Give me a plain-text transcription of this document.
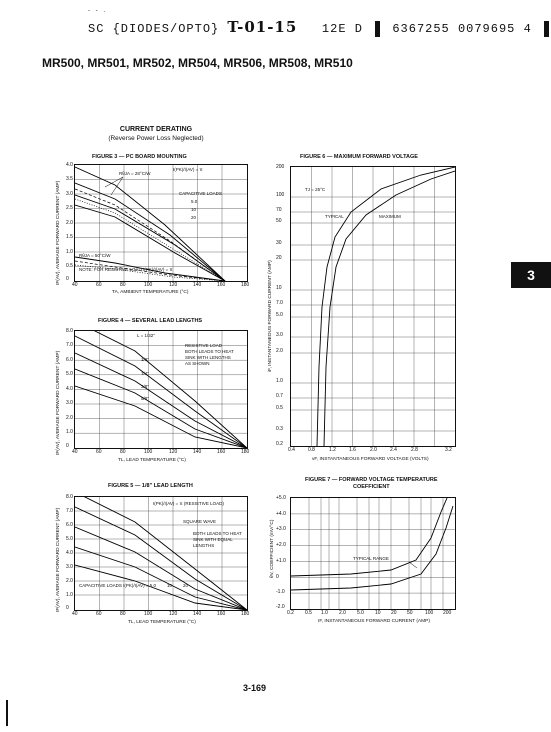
- - .
SC {DIODES/OPTO} T-01-15 12E D 6367255 0079695 4
MR500, MR501, MR502, MR504, MR506, MR508, MR510
CURRENT DERATING
(Reverse Power Loss Neglected)
FIGURE 3 — PC BOARD MOUNTING
RθJA = 28°C/W
I(PK)/I(AV) = π
CAPACITIVE LOADS
5.0
10
20
RθJA = 50°C/W
NOTE: FOR RESISTIVE LOAD I(PK)/I(AV) = π
4.0
3.5
3.0
2.5
2.0
1.5
1.0
0.5
0
40	60	80	100	120	140	160	180
TA, AMBIENT TEMPERATURE (°C)
IF(AV), AVERAGE FORWARD CURRENT (AMP)
FIGURE 4 — SEVERAL LEAD LENGTHS
L = 1/32"
RESISTIVE LOAD
BOTH LEADS TO HEAT
SINK WITH LENGTHS
AS SHOWN
1/8"
1/4"
3/8"
5/8"
8.0
7.0
6.0
5.0
4.0
3.0
2.0
1.0
0
40	60	80	100	120	140	160	180
TL, LEAD TEMPERATURE (°C)
IF(AV), AVERAGE FORWARD CURRENT (AMP)
FIGURE 5 — 1/8" LEAD LENGTH
I(PK)/I(AV) = π (RESISTIVE LOAD)
SQUARE WAVE
BOTH LEADS TO HEAT
SINK WITH EQUAL
LENGTHS
CAPACITIVE LOADS I(PK)/I(AV) = 5.0 10 20
8.0
7.0
6.0
5.0
4.0
3.0
2.0
1.0
0
40	60	80	100	120	140	160	180
TL, LEAD TEMPERATURE (°C)
IF(AV), AVERAGE FORWARD CURRENT (AMP)
FIGURE 6 — MAXIMUM FORWARD VOLTAGE
TJ = 25°C
TYPICAL	MAXIMUM
200
100
70
50
30
20
10
7.0
5.0
3.0
2.0
1.0
0.7
0.5
0.3
0.2
0.4	0.8	1.2	1.6	2.0	2.4	2.8	3.2
vF, INSTANTANEOUS FORWARD VOLTAGE (VOLTS)
iF, INSTANTANEOUS FORWARD CURRENT (AMP)
FIGURE 7 — FORWARD VOLTAGE TEMPERATURE
COEFFICIENT
TYPICAL RANGE
+5.0
+4.0
+3.0
+2.0
+1.0
0
-1.0
-2.0
0.2 0.5 1.0 2.0 5.0 10 20 50 100 200
IF, INSTANTANEOUS FORWARD CURRENT (AMP)
θV, COEFFICIENT (mV/°C)
3
3-169
